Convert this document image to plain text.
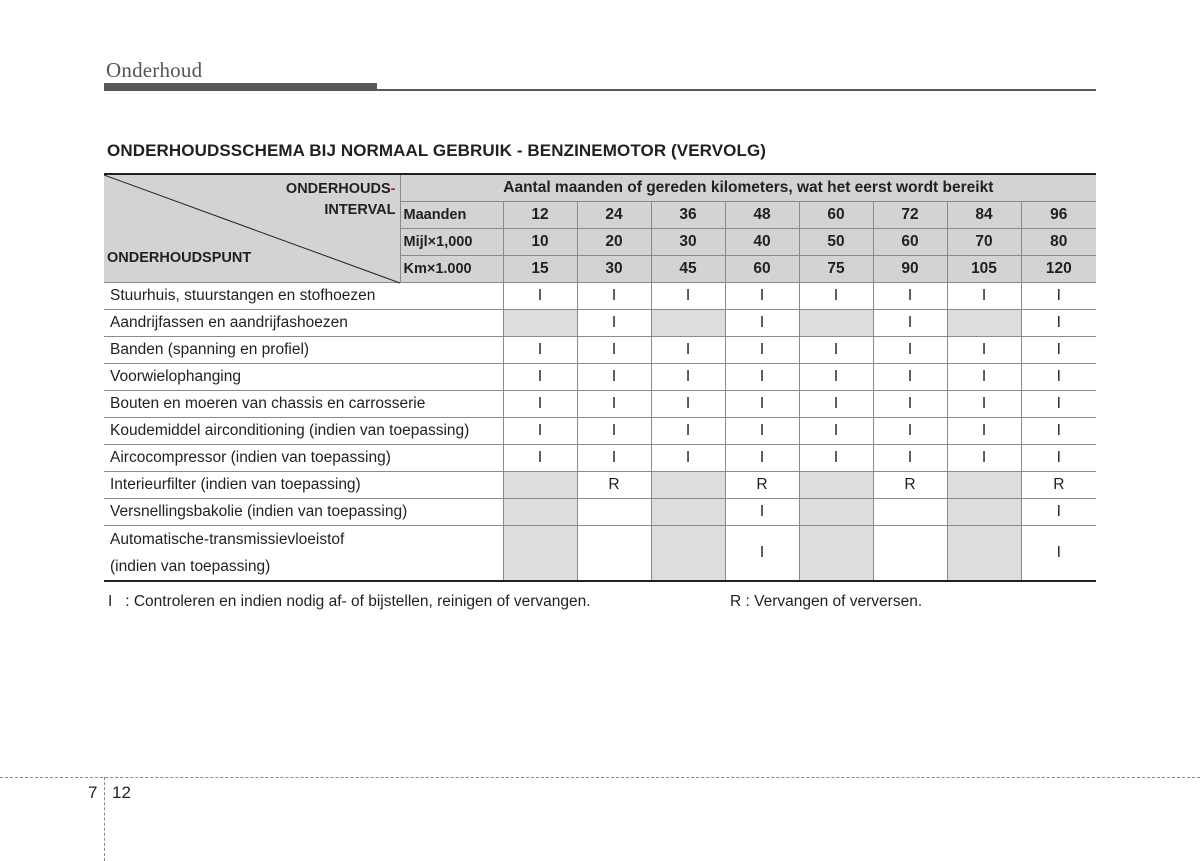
Onderhoud
ONDERHOUDSSCHEMA BIJ NORMAAL GEBRUIK - BENZINEMOTOR (VERVOLG)
ONDERHOUDS-
INTERVAL
ONDERHOUDSPUNT	Aantal maanden of gereden kilometers, wat het eerst wordt bereikt								
	Maanden	12	24	36	48	60	72	84	96
	Mijl×1,000	10	20	30	40	50	60	70	80
	Km×1.000	15	30	45	60	75	90	105	120
Stuurhuis, stuurstangen en stofhoezen		I	I	I	I	I	I	I	I
Aandrijfassen en aandrijfashoezen			I		I		I		I
Banden (spanning en profiel)		I	I	I	I	I	I	I	I
Voorwielophanging		I	I	I	I	I	I	I	I
Bouten en moeren van chassis en carrosserie		I	I	I	I	I	I	I	I
Koudemiddel airconditioning (indien van toepassing)		I	I	I	I	I	I	I	I
Aircocompressor (indien van toepassing)		I	I	I	I	I	I	I	I
Interieurfilter (indien van toepassing)			R		R		R		R
Versnellingsbakolie (indien van toepassing)					I				I

Automatische-transmissievloeistof
(indien van toepassing)					I				I
I   : Controleren en indien nodig af- of bijstellen, reinigen of vervangen.	R : Vervangen of verversen.
7 12
